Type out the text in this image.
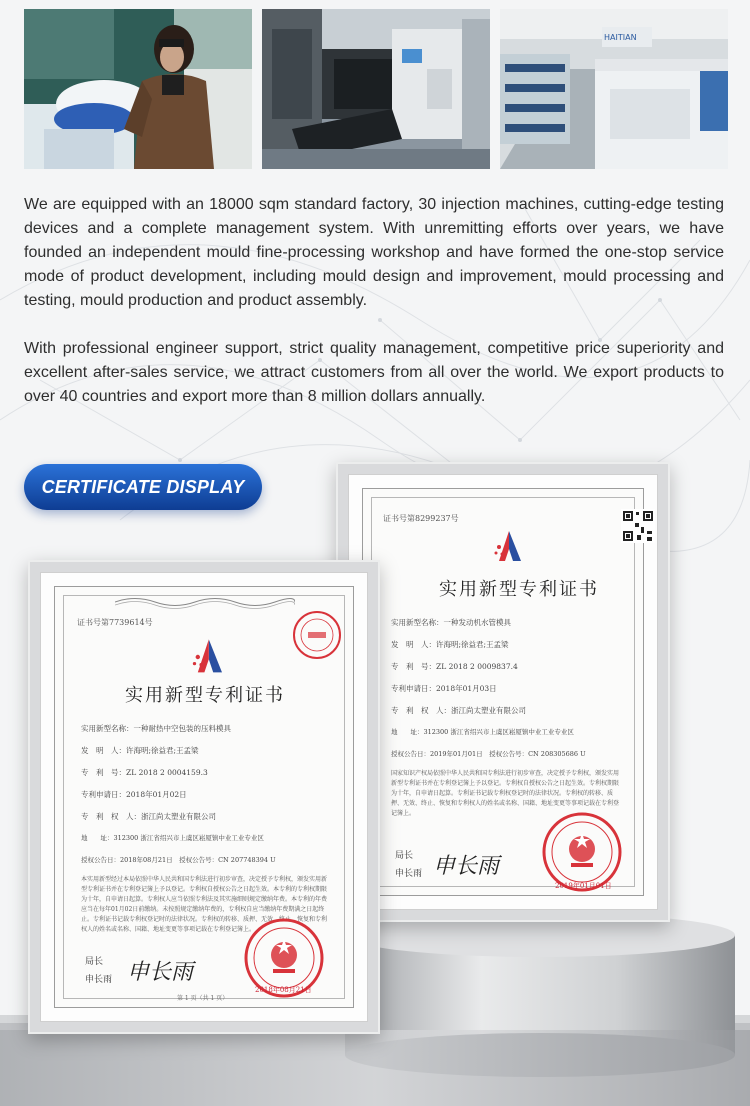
HAITIAN

We are equipped with an 18000 sqm standard factory, 30 injection machines, cutting-edge testing devices and a complete management system. With unremitting efforts over years, we have founded an independent mould fine-processing workshop and have formed the one-stop service mode of product development, including mould design and improvement, mould processing and testing, mould production and product assembly.

With professional engineer support, strict quality management, competitive price superiority and excellent after-sales service, we attract customers from all over the world. We export products to over 40 countries and export more than 8 million dollars annually.

CERTIFICATE DISPLAY
证书号第8299237号
实用新型专利证书
实用新型名称：一种发动机水管模具
发　明　人：许海明;徐益君;王孟梁
专　利　号：ZL 2018 2 0009837.4
专利申请日：2018年01月03日
专　利　权　人：浙江尚太塑业有限公司
地　　址：312300 浙江省绍兴市上虞区崧厦镇中业工业专业区
授权公告日：2019年01月01日　授权公告号：CN 208305686 U
国家知识产权局依照中华人民共和国专利法进行初步审查，决定授予专利权，颁发实用新型专利证书并在专利登记簿上予以登记。专利权自授权公告之日起生效。专利权期限为十年，自申请日起算。专利证书记载专利权登记时的法律状况。专利权的转移、质押、无效、终止、恢复和专利权人的姓名或名称、国籍、地址变更等事项记载在专利登记簿上。
局长
申长雨 申长雨
2019年01月01日
证书号第7739614号
实用新型专利证书
实用新型名称：一种耐热中空包装的压料模具
发　明　人：许海明;徐益君;王孟梁
专　利　号：ZL 2018 2 0004159.3
专利申请日：2018年01月02日
专　利　权　人：浙江尚太塑业有限公司
地　　址：312300 浙江省绍兴市上虞区崧厦镇中业工业专业区
授权公告日：2018年08月21日　授权公告号：CN 207748394 U
本实用新型经过本局依照中华人民共和国专利法进行初步审查，决定授予专利权，颁发实用新型专利证书并在专利登记簿上予以登记。专利权自授权公告之日起生效。本专利的专利权期限为十年，自申请日起算。专利权人应当依照专利法及其实施细则规定缴纳年费。本专利的年费应当在每年01月02日前缴纳。未按照规定缴纳年费的，专利权自应当缴纳年费期满之日起终止。专利证书记载专利权登记时的法律状况。专利权的转移、质押、无效、终止、恢复和专利权人的姓名或名称、国籍、地址变更等事项记载在专利登记簿上。
局长
申长雨 申长雨
2018年08月21日
第 1 页（共 1 页）
